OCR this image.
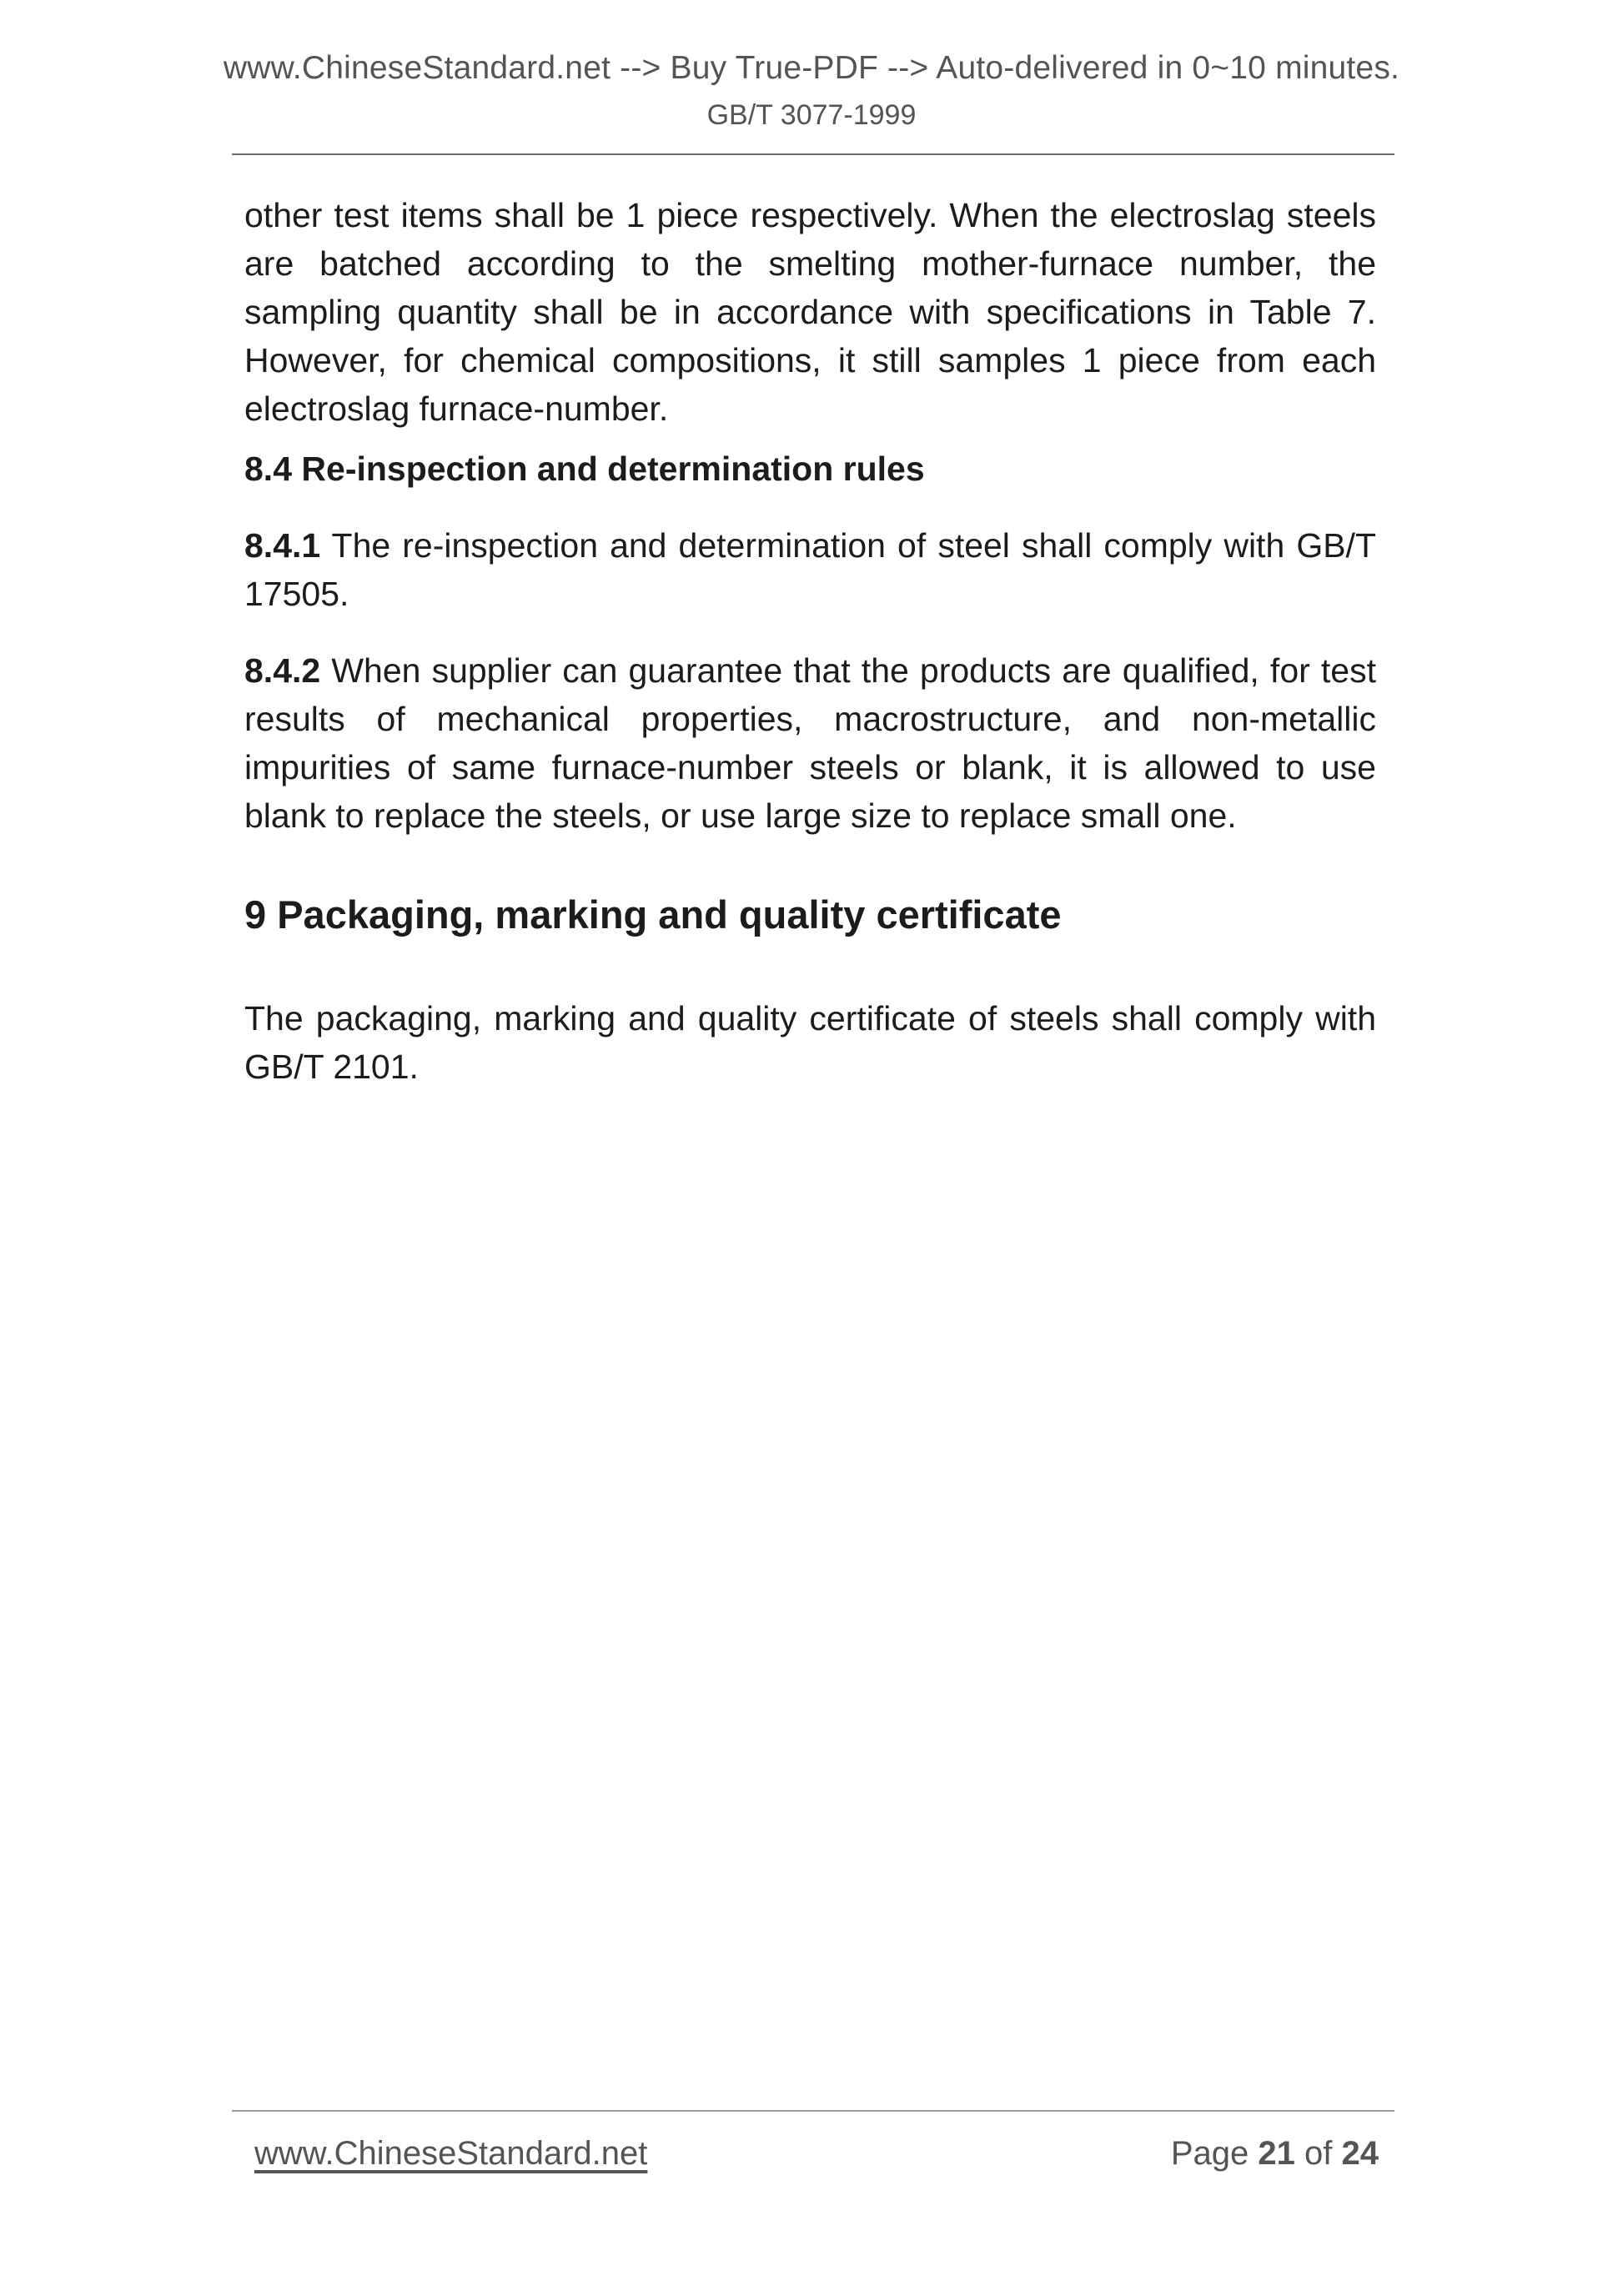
www.ChineseStandard.net --> Buy True-PDF --> Auto-delivered in 0~10 minutes.
GB/T 3077-1999

other test items shall be 1 piece respectively. When the electroslag steels are batched according to the smelting mother-furnace number, the sampling quantity shall be in accordance with specifications in Table 7. However, for chemical compositions, it still samples 1 piece from each electroslag furnace-number.

8.4 Re-inspection and determination rules

8.4.1 The re-inspection and determination of steel shall comply with GB/T 17505.

8.4.2 When supplier can guarantee that the products are qualified, for test results of mechanical properties, macrostructure, and non-metallic impurities of same furnace-number steels or blank, it is allowed to use blank to replace the steels, or use large size to replace small one.

9 Packaging, marking and quality certificate

The packaging, marking and quality certificate of steels shall comply with GB/T 2101.

www.ChineseStandard.net	Page 21 of 24
